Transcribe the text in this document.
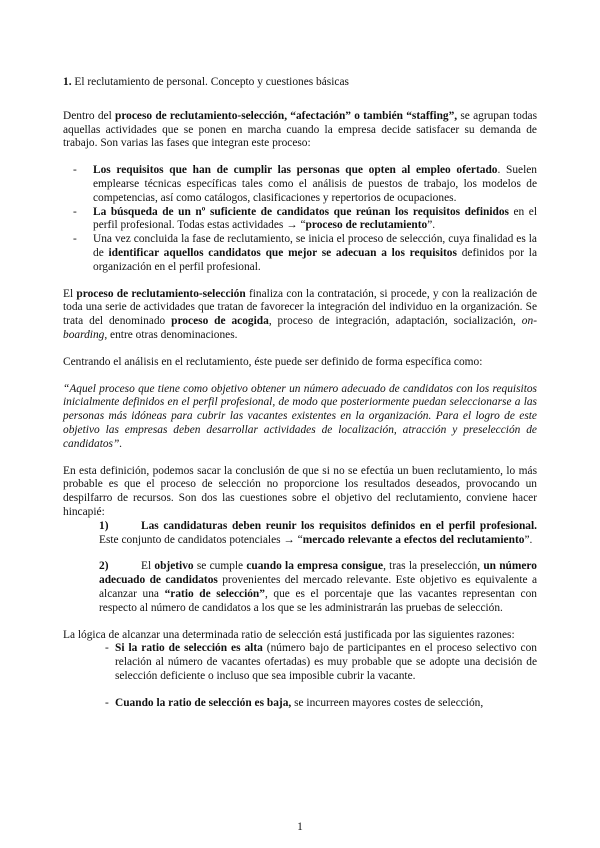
1. El reclutamiento de personal. Concepto y cuestiones básicas

Dentro del proceso de reclutamiento-selección, “afectación” o también “staffing”, se agrupan todas aquellas actividades que se ponen en marcha cuando la empresa decide satisfacer su demanda de trabajo. Son varias las fases que integran este proceso:

- Los requisitos que han de cumplir las personas que opten al empleo ofertado. Suelen emplearse técnicas específicas tales como el análisis de puestos de trabajo, los modelos de competencias, así como catálogos, clasificaciones y repertorios de ocupaciones.
- La búsqueda de un nº suficiente de candidatos que reúnan los requisitos definidos en el perfil profesional. Todas estas actividades → “proceso de reclutamiento”.
- Una vez concluida la fase de reclutamiento, se inicia el proceso de selección, cuya finalidad es la de identificar aquellos candidatos que mejor se adecuan a los requisitos definidos por la organización en el perfil profesional.

El proceso de reclutamiento-selección finaliza con la contratación, si procede, y con la realización de toda una serie de actividades que tratan de favorecer la integración del individuo en la organización. Se trata del denominado proceso de acogida, proceso de integración, adaptación, socialización, on-boarding, entre otras denominaciones.

Centrando el análisis en el reclutamiento, éste puede ser definido de forma específica como:

“Aquel proceso que tiene como objetivo obtener un número adecuado de candidatos con los requisitos inicialmente definidos en el perfil profesional, de modo que posteriormente puedan seleccionarse a las personas más idóneas para cubrir las vacantes existentes en la organización. Para el logro de este objetivo las empresas deben desarrollar actividades de localización, atracción y preselección de candidatos”.

En esta definición, podemos sacar la conclusión de que si no se efectúa un buen reclutamiento, lo más probable es que el proceso de selección no proporcione los resultados deseados, provocando un despilfarro de recursos. Son dos las cuestiones sobre el objetivo del reclutamiento, conviene hacer hincapié:

1)	Las candidaturas deben reunir los requisitos definidos en el perfil profesional. Este conjunto de candidatos potenciales → “mercado relevante a efectos del reclutamiento”.

2)	El objetivo se cumple cuando la empresa consigue, tras la preselección, un número adecuado de candidatos provenientes del mercado relevante. Este objetivo es equivalente a alcanzar una “ratio de selección”, que es el porcentaje que las vacantes representan con respecto al número de candidatos a los que se les administrarán las pruebas de selección.

La lógica de alcanzar una determinada ratio de selección está justificada por las siguientes razones:

- Si la ratio de selección es alta (número bajo de participantes en el proceso selectivo con relación al número de vacantes ofertadas) es muy probable que se adopte una decisión de selección deficiente o incluso que sea imposible cubrir la vacante.
- Cuando la ratio de selección es baja, se incurreen mayores costes de selección,
1
